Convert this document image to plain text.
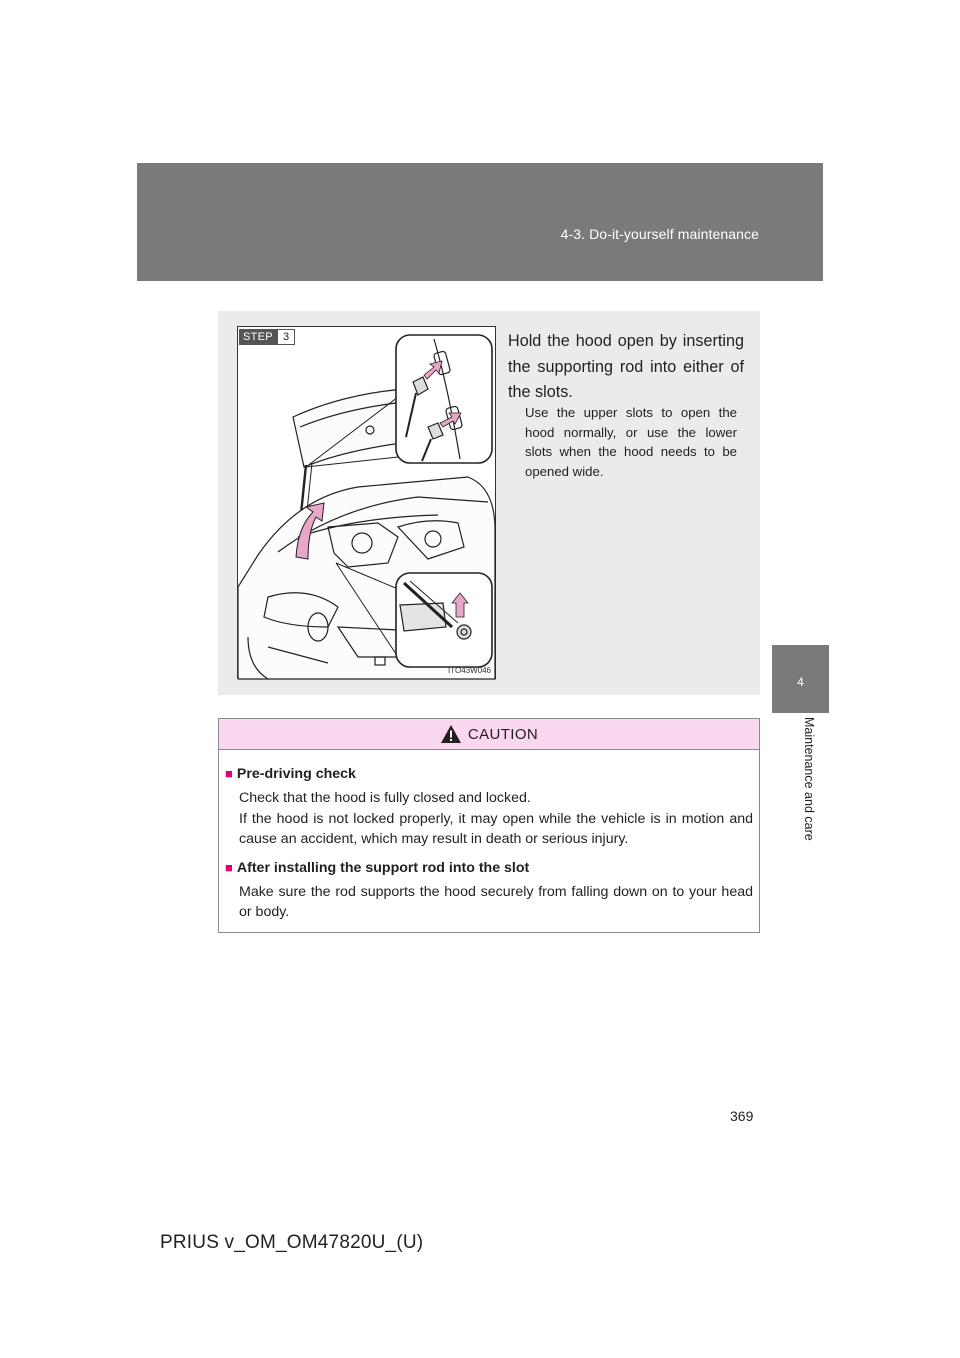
4-3. Do-it-yourself maintenance
4
Maintenance and care
STEP 3
ITO43W046
Hold the hood open by inserting the supporting rod into either of the slots.
Use the upper slots to open the hood normally, or use the lower slots when the hood needs to be opened wide.
CAUTION
■ Pre-driving check
Check that the hood is fully closed and locked.
If the hood is not locked properly, it may open while the vehicle is in motion and cause an accident, which may result in death or serious injury.
■ After installing the support rod into the slot
Make sure the rod supports the hood securely from falling down on to your head or body.
369
PRIUS v_OM_OM47820U_(U)
